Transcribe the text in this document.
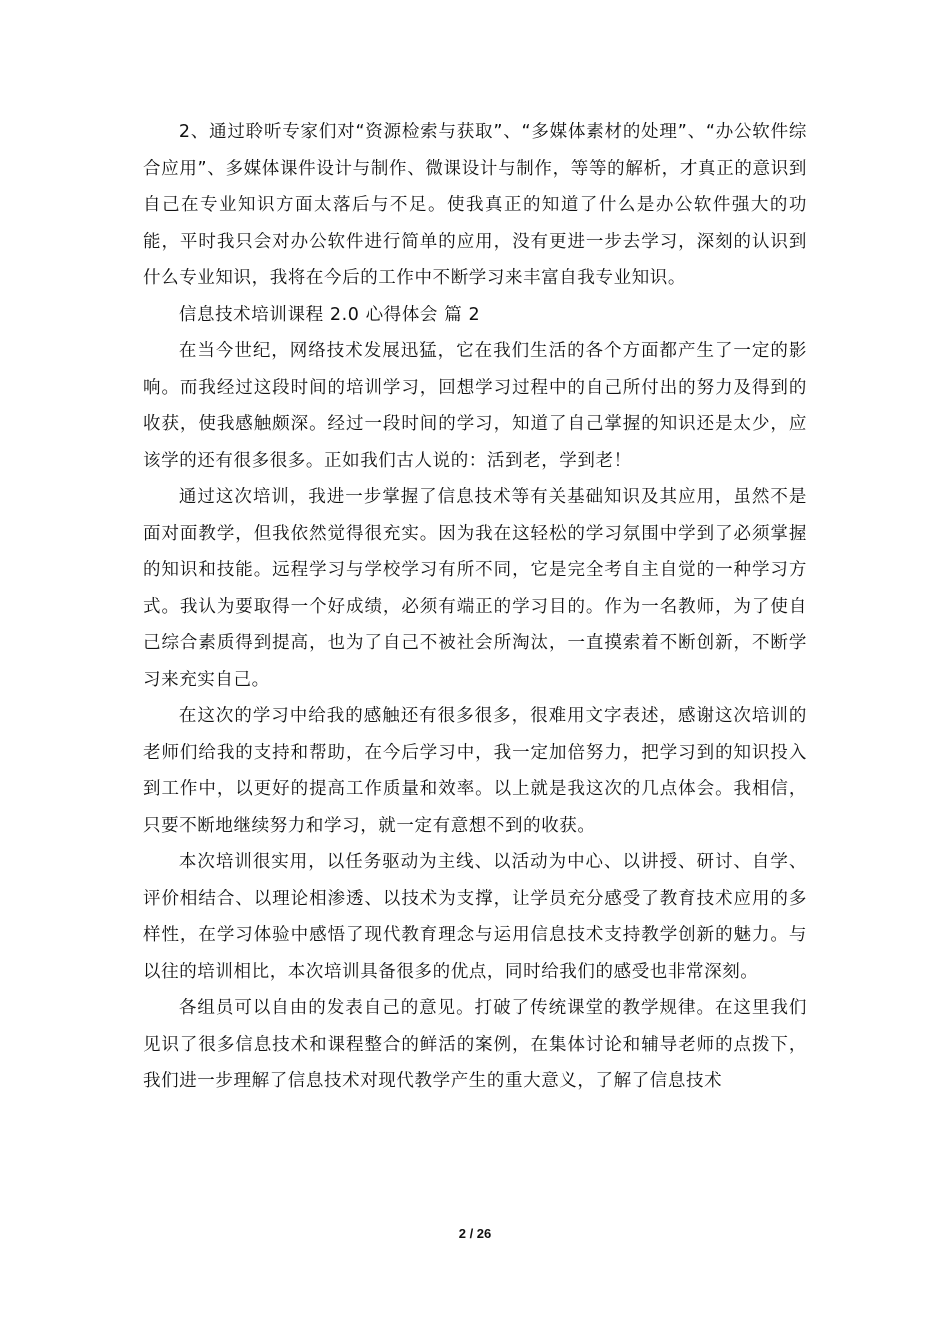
2、通过聆听专家们对“资源检索与获取”、“多媒体素材的处理”、“办公软件综合应用”、多媒体课件设计与制作、微课设计与制作，等等的解析，才真正的意识到自己在专业知识方面太落后与不足。使我真正的知道了什么是办公软件强大的功能，平时我只会对办公软件进行简单的应用，没有更进一步去学习，深刻的认识到什么专业知识，我将在今后的工作中不断学习来丰富自我专业知识。

信息技术培训课程 2.0 心得体会 篇 2

在当今世纪，网络技术发展迅猛，它在我们生活的各个方面都产生了一定的影响。而我经过这段时间的培训学习，回想学习过程中的自己所付出的努力及得到的收获，使我感触颇深。经过一段时间的学习，知道了自己掌握的知识还是太少，应该学的还有很多很多。正如我们古人说的：活到老，学到老！

通过这次培训，我进一步掌握了信息技术等有关基础知识及其应用，虽然不是面对面教学，但我依然觉得很充实。因为我在这轻松的学习氛围中学到了必须掌握的知识和技能。远程学习与学校学习有所不同，它是完全考自主自觉的一种学习方式。我认为要取得一个好成绩，必须有端正的学习目的。作为一名教师，为了使自己综合素质得到提高，也为了自己不被社会所淘汰，一直摸索着不断创新，不断学习来充实自己。

在这次的学习中给我的感触还有很多很多，很难用文字表述，感谢这次培训的老师们给我的支持和帮助，在今后学习中，我一定加倍努力，把学习到的知识投入到工作中，以更好的提高工作质量和效率。以上就是我这次的几点体会。我相信，只要不断地继续努力和学习，就一定有意想不到的收获。

本次培训很实用，以任务驱动为主线、以活动为中心、以讲授、研讨、自学、评价相结合、以理论相渗透、以技术为支撑，让学员充分感受了教育技术应用的多样性，在学习体验中感悟了现代教育理念与运用信息技术支持教学创新的魅力。与以往的培训相比，本次培训具备很多的优点，同时给我们的感受也非常深刻。

各组员可以自由的发表自己的意见。打破了传统课堂的教学规律。在这里我们见识了很多信息技术和课程整合的鲜活的案例，在集体讨论和辅导老师的点拨下，我们进一步理解了信息技术对现代教学产生的重大意义，了解了信息技术

2 / 26
